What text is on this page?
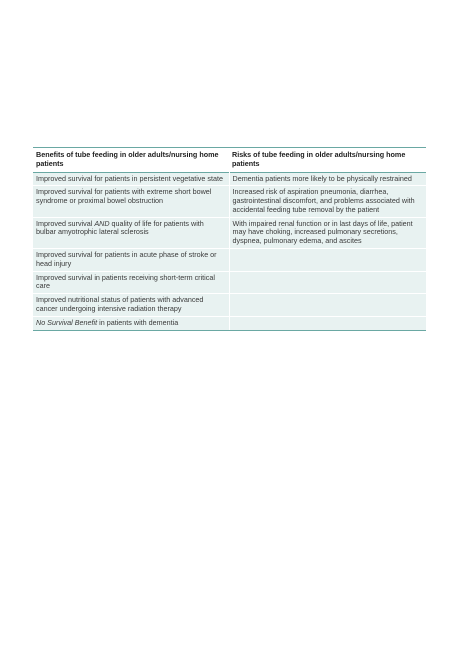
Benefits of tube feeding in older adults/nursing home patients	Risks of tube feeding in older adults/nursing home patients
Improved survival for patients in persistent vegetative state	Dementia patients more likely to be physically restrained
Improved survival for patients with extreme short bowel syndrome or proximal bowel obstruction	Increased risk of aspiration pneumonia, diarrhea, gastrointestinal discomfort, and problems associated with accidental feeding tube removal by the patient
Improved survival AND quality of life for patients with bulbar amyotrophic lateral sclerosis	With impaired renal function or in last days of life, patient may have choking, increased pulmonary secretions, dyspnea, pulmonary edema, and ascites
Improved survival for patients in acute phase of stroke or head injury	
Improved survival in patients receiving short-term critical care	
Improved nutritional status of patients with advanced cancer undergoing intensive radiation therapy	
No Survival Benefit in patients with dementia	
